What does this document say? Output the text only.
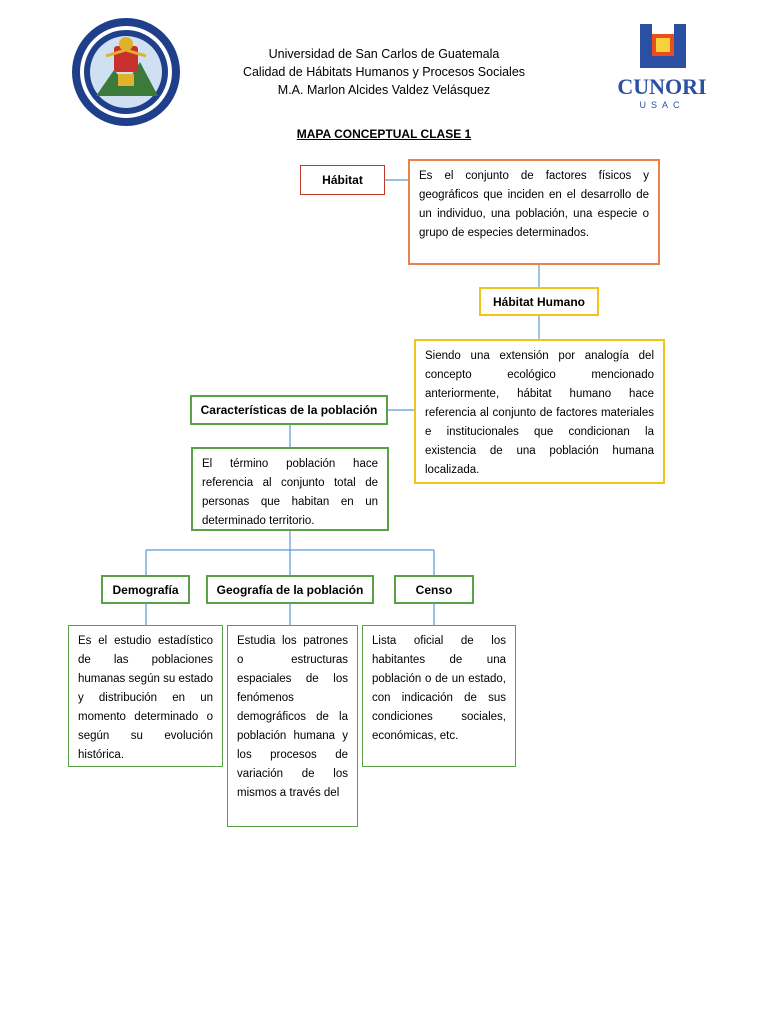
Universidad de San Carlos de Guatemala
Calidad de Hábitats Humanos y Procesos Sociales
M.A. Marlon Alcides Valdez Velásquez	CUNORI
USAC
MAPA CONCEPTUAL CLASE 1
Hábitat	Es el conjunto de factores físicos y geográficos que inciden en el desarrollo de un individuo, una población, una especie o grupo de especies determinados.

Hábitat Humano

Siendo una extensión por analogía del concepto ecológico mencionado anteriormente, hábitat humano hace referencia al conjunto de factores materiales e institucionales que condicionan la existencia de una población humana localizada.

Características de la población

El término población hace referencia al conjunto total de personas que habitan en un determinado territorio.

Demografía

Es el estudio estadístico de las poblaciones humanas según su estado y distribución en un momento determinado o según su evolución histórica.

Geografía de la población

Estudia los patrones o estructuras espaciales de los fenómenos demográficos de la población humana y los procesos de variación de los mismos a través del

Censo

Lista oficial de los habitantes de una población o de un estado, con indicación de sus condiciones sociales, económicas, etc.
